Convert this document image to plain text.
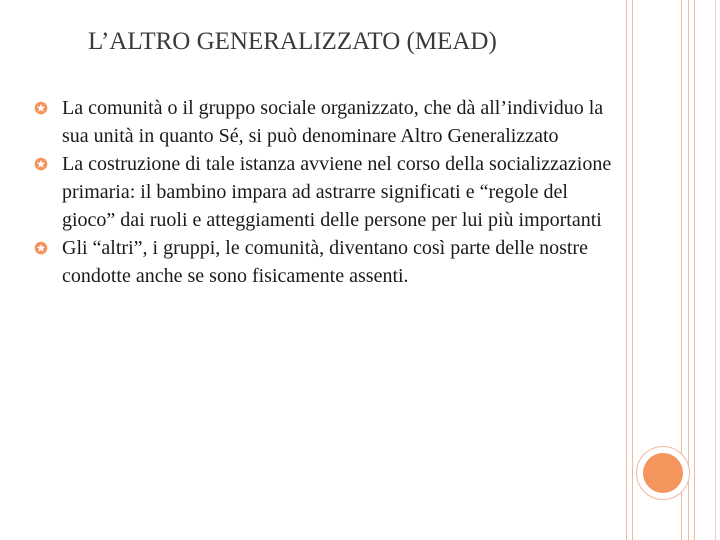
L’ALTRO GENERALIZZATO (MEAD)

La comunità o il gruppo sociale organizzato, che dà all’individuo la sua unità in quanto Sé, si può denominare Altro Generalizzato

La costruzione di tale istanza avviene nel corso della socializzazione primaria: il bambino impara ad astrarre significati e “regole del gioco” dai ruoli e atteggiamenti delle persone per lui più importanti

Gli “altri”, i gruppi, le comunità, diventano così parte delle nostre condotte anche se sono fisicamente assenti.
